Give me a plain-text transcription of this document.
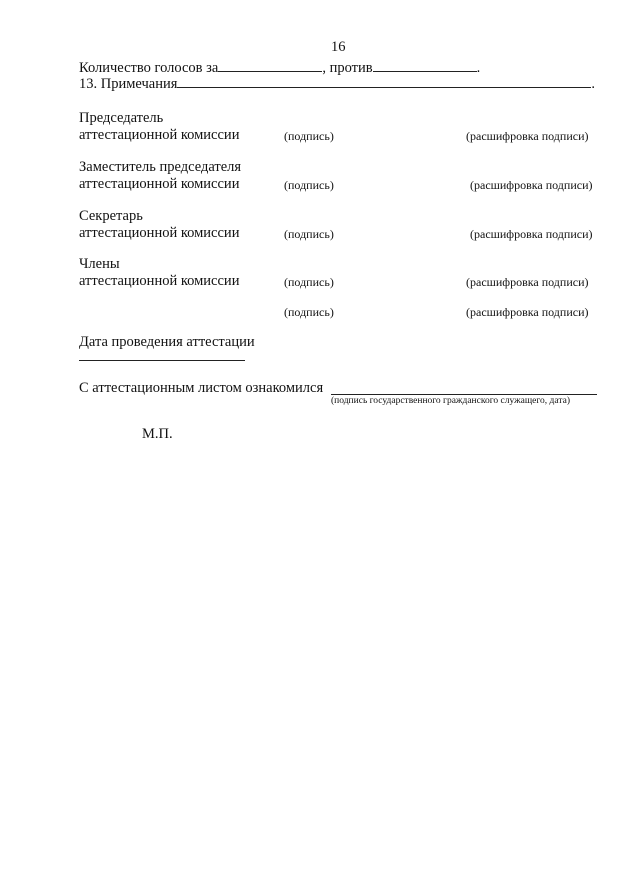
16
Количество голосов за	, против	.
13. Примечания	.
Председатель
аттестационной комиссии	(подпись)	(расшифровка подписи)
Заместитель председателя
аттестационной комиссии	(подпись)	(расшифровка подписи)
Секретарь
аттестационной комиссии	(подпись)	(расшифровка подписи)
Члены
аттестационной комиссии	(подпись)	(расшифровка подписи)
(подпись)	(расшифровка подписи)
Дата проведения аттестации
С аттестационным листом ознакомился
(подпись государственного гражданского служащего, дата)
М.П.
